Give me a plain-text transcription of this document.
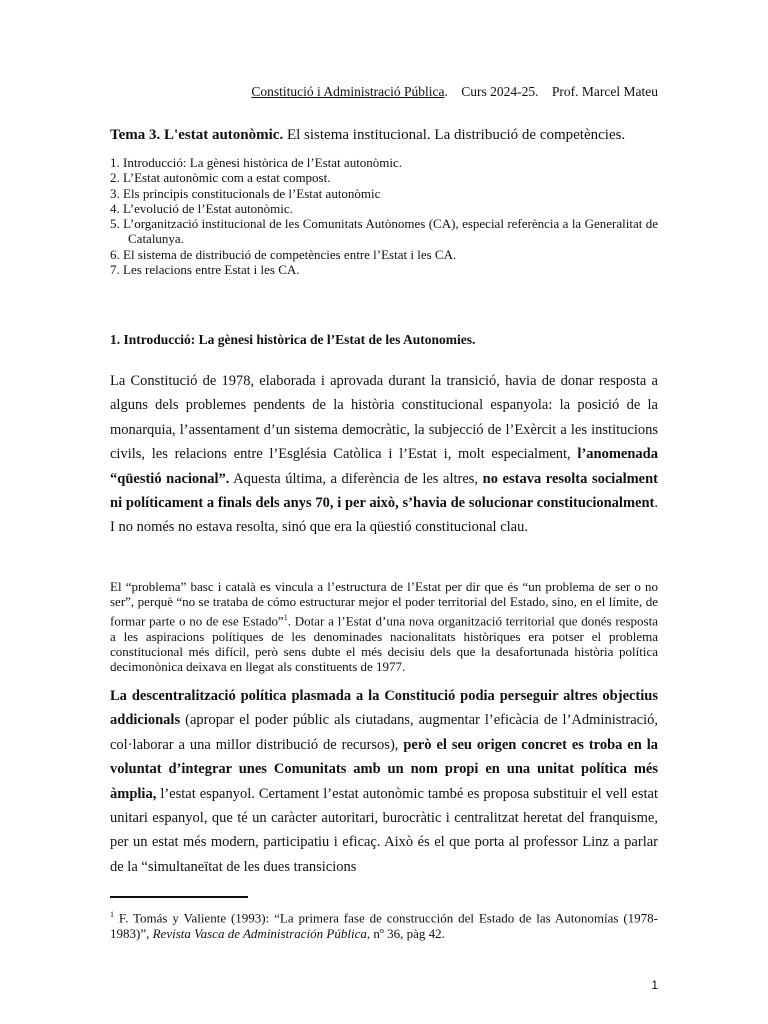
Constitució i Administració Pública. Curs 2024-25. Prof. Marcel Mateu
Tema 3. L'estat autonòmic. El sistema institucional. La distribució de competències.
1. Introducció: La gènesi històrica de l’Estat autonòmic.
2. L’Estat autonòmic com a estat compost.
3. Els principis constitucionals de l’Estat autonòmic
4. L’evolució de l’Estat autonòmic.
5. L’organització institucional de les Comunitats Autònomes (CA), especial referència a la Generalitat de Catalunya.
6. El sistema de distribució de competències entre l’Estat i les CA.
7. Les relacions entre Estat i les CA.
1. Introducció: La gènesi històrica de l’Estat de les Autonomies.

La Constitució de 1978, elaborada i aprovada durant la transició, havia de donar resposta a alguns dels problemes pendents de la història constitucional espanyola: la posició de la monarquia, l’assentament d’un sistema democràtic, la subjecció de l’Exèrcit a les institucions civils, les relacions entre l’Església Catòlica i l’Estat i, molt especialment, l’anomenada “qüestió nacional”. Aquesta última, a diferència de les altres, no estava resolta socialment ni políticament a finals dels anys 70, i per això, s’havia de solucionar constitucionalment. I no només no estava resolta, sinó que era la qüestió constitucional clau.

El “problema” basc i català es vincula a l’estructura de l’Estat per dir que és “un problema de ser o no ser”, perquè “no se trataba de cómo estructurar mejor el poder territorial del Estado, sino, en el límite, de formar parte o no de ese Estado”$^1$. Dotar a l’Estat d’una nova organització territorial que donés resposta a les aspiracions polítiques de les denominades nacionalitats històriques era potser el problema constitucional més difícil, però sens dubte el més decisiu dels que la desafortunada història política decimonònica deixava en llegat als constituents de 1977.

La descentralització política plasmada a la Constitució podia perseguir altres objectius addicionals (apropar el poder públic als ciutadans, augmentar l’eficàcia de l’Administració, col·laborar a una millor distribució de recursos), però el seu origen concret es troba en la voluntat d’integrar unes Comunitats amb un nom propi en una unitat política més àmplia, l’estat espanyol. Certament l’estat autonòmic també es proposa substituir el vell estat unitari espanyol, que té un caràcter autoritari, burocràtic i centralitzat heretat del franquisme, per un estat més modern, participatiu i eficaç. Això és el que porta al professor Linz a parlar de la “simultaneïtat de les dues transicions

$^1$ F. Tomás y Valiente (1993): “La primera fase de construcción del Estado de las Autonomías (1978-1983)”, Revista Vasca de Administración Pública, nº 36, pàg 42.

1
